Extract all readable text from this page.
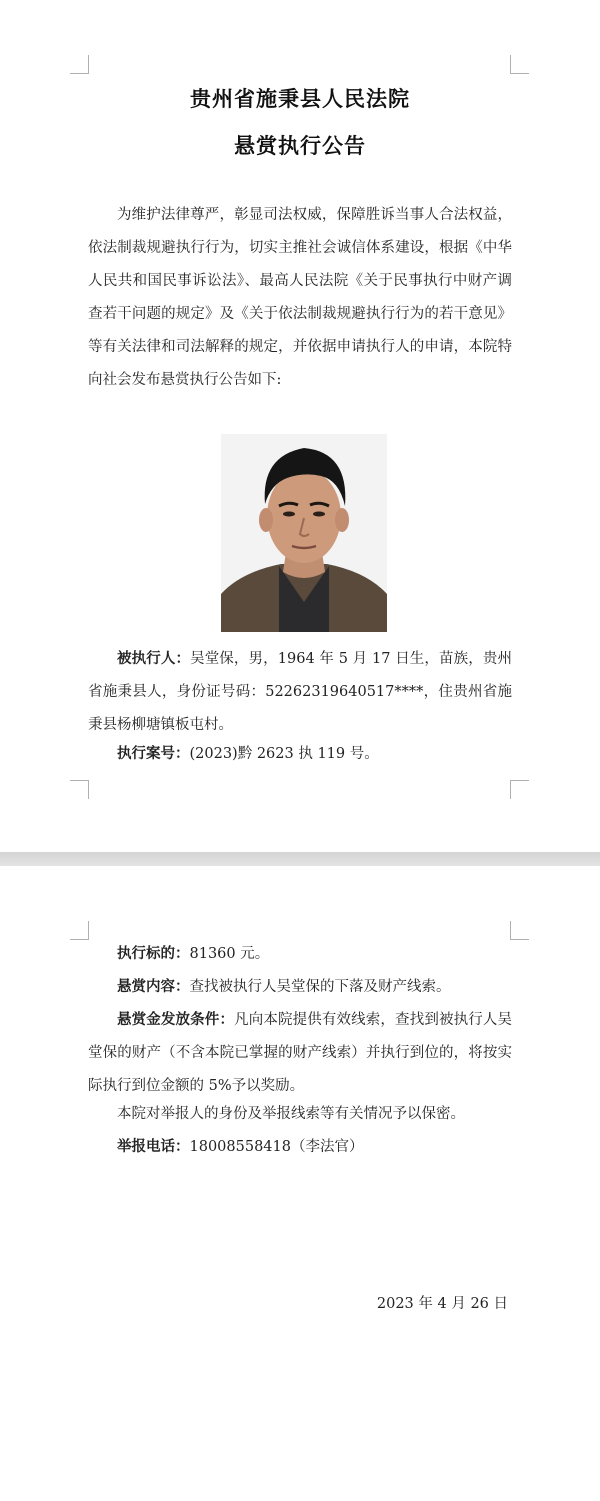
贵州省施秉县人民法院
悬赏执行公告

为维护法律尊严，彰显司法权威，保障胜诉当事人合法权益，依法制裁规避执行行为，切实主推社会诚信体系建设，根据《中华人民共和国民事诉讼法》、最高人民法院《关于民事执行中财产调查若干问题的规定》及《关于依法制裁规避执行行为的若干意见》等有关法律和司法解释的规定，并依据申请执行人的申请，本院特向社会发布悬赏执行公告如下:

被执行人：吴堂保，男，1964 年 5 月 17 日生，苗族，贵州省施秉县人，身份证号码：52262319640517****，住贵州省施秉县杨柳塘镇板屯村。

执行案号：(2023)黔 2623 执 119 号。

执行标的：81360 元。

悬赏内容：查找被执行人吴堂保的下落及财产线索。

悬赏金发放条件：凡向本院提供有效线索，查找到被执行人吴堂保的财产（不含本院已掌握的财产线索）并执行到位的，将按实际执行到位金额的 5%予以奖励。

本院对举报人的身份及举报线索等有关情况予以保密。

举报电话：18008558418（李法官）

2023 年 4 月 26 日
